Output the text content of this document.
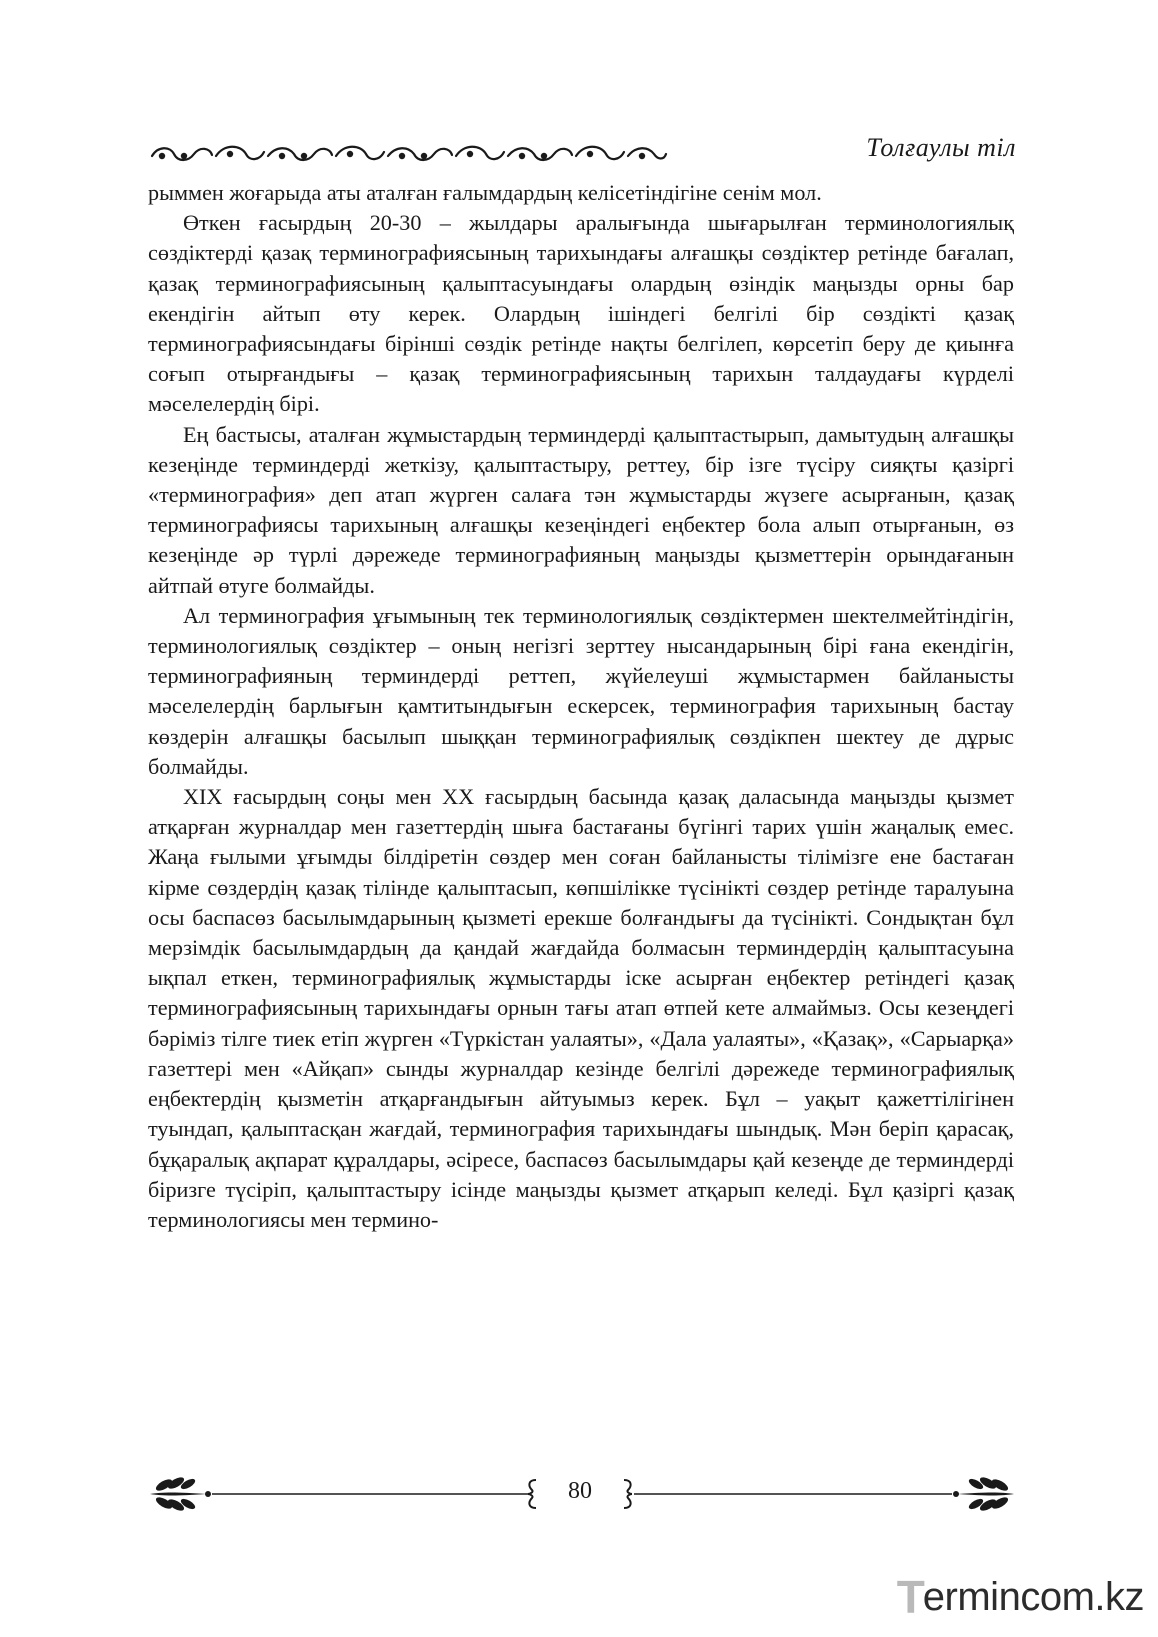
Толғаулы тіл

рыммен жоғарыда аты аталған ғалымдардың келісетіндігіне сенім мол.

Өткен ғасырдың 20-30 – жылдары аралығында шығарылған терминологиялық сөздіктерді қазақ терминографиясының тарихындағы алғашқы сөздіктер ретінде бағалап, қазақ терминографиясының қалыптасуындағы олардың өзіндік маңызды орны бар екендігін айтып өту керек. Олардың ішіндегі белгілі бір сөздікті қазақ терминографиясындағы бірінші сөздік ретінде нақты белгілеп, көрсетіп беру де қиынға соғып отырғандығы – қазақ терминографиясының тарихын талдаудағы күрделі мәселелердің бірі.

Ең бастысы, аталған жұмыстардың терминдерді қалыптастырып, дамытудың алғашқы кезеңінде терминдерді жеткізу, қалыптастыру, реттеу, бір ізге түсіру сияқты қазіргі «терминография» деп атап жүрген салаға тән жұмыстарды жүзеге асырғанын, қазақ терминографиясы тарихының алғашқы кезеңіндегі еңбектер бола алып отырғанын, өз кезеңінде әр түрлі дәрежеде терминографияның маңызды қызметтерін орындағанын айтпай өтуге болмайды.

Ал терминография ұғымының тек терминологиялық сөздіктермен шектелмейтіндігін, терминологиялық сөздіктер – оның негізгі зерттеу нысандарының бірі ғана екендігін, терминографияның терминдерді реттеп, жүйелеуші жұмыстармен байланысты мәселелердің барлығын қамтитындығын ескерсек, терминография тарихының бастау көздерін алғашқы басылып шыққан терминографиялық сөздікпен шектеу де дұрыс болмайды.

XIX ғасырдың соңы мен XX ғасырдың басында қазақ даласында маңызды қызмет атқарған журналдар мен газеттердің шыға бастағаны бүгінгі тарих үшін жаңалық емес. Жаңа ғылыми ұғымды білдіретін сөздер мен соған байланысты тілімізге ене бастаған кірме сөздердің қазақ тілінде қалыптасып, көпшілікке түсінікті сөздер ретінде таралуына осы баспасөз басылымдарының қызметі ерекше болғандығы да түсінікті. Сондықтан бұл мерзімдік басылымдардың да қандай жағдайда болмасын терминдердің қалыптасуына ықпал еткен, терминографиялық жұмыстарды іске асырған еңбектер ретіндегі қазақ терминографиясының тарихындағы орнын тағы атап өтпей кете алмаймыз. Осы кезеңдегі бәріміз тілге тиек етіп жүрген «Түркістан уалаяты», «Дала уалаяты», «Қазақ», «Сарыарқа» газеттері мен «Айқап» сынды журналдар кезінде белгілі дәрежеде терминографиялық еңбектердің қызметін атқарғандығын айтуымыз керек. Бұл – уақыт қажеттілігінен туындап, қалыптасқан жағдай, терминография тарихындағы шындық. Мән беріп қарасақ, бұқаралық ақпарат құралдары, әсіресе, баспасөз басылымдары қай кезеңде де терминдерді біризге түсіріп, қалыптастыру ісінде маңызды қызмет атқарып келеді. Бұл қазіргі қазақ терминологиясы мен термино-

80
T ermincom.kz
